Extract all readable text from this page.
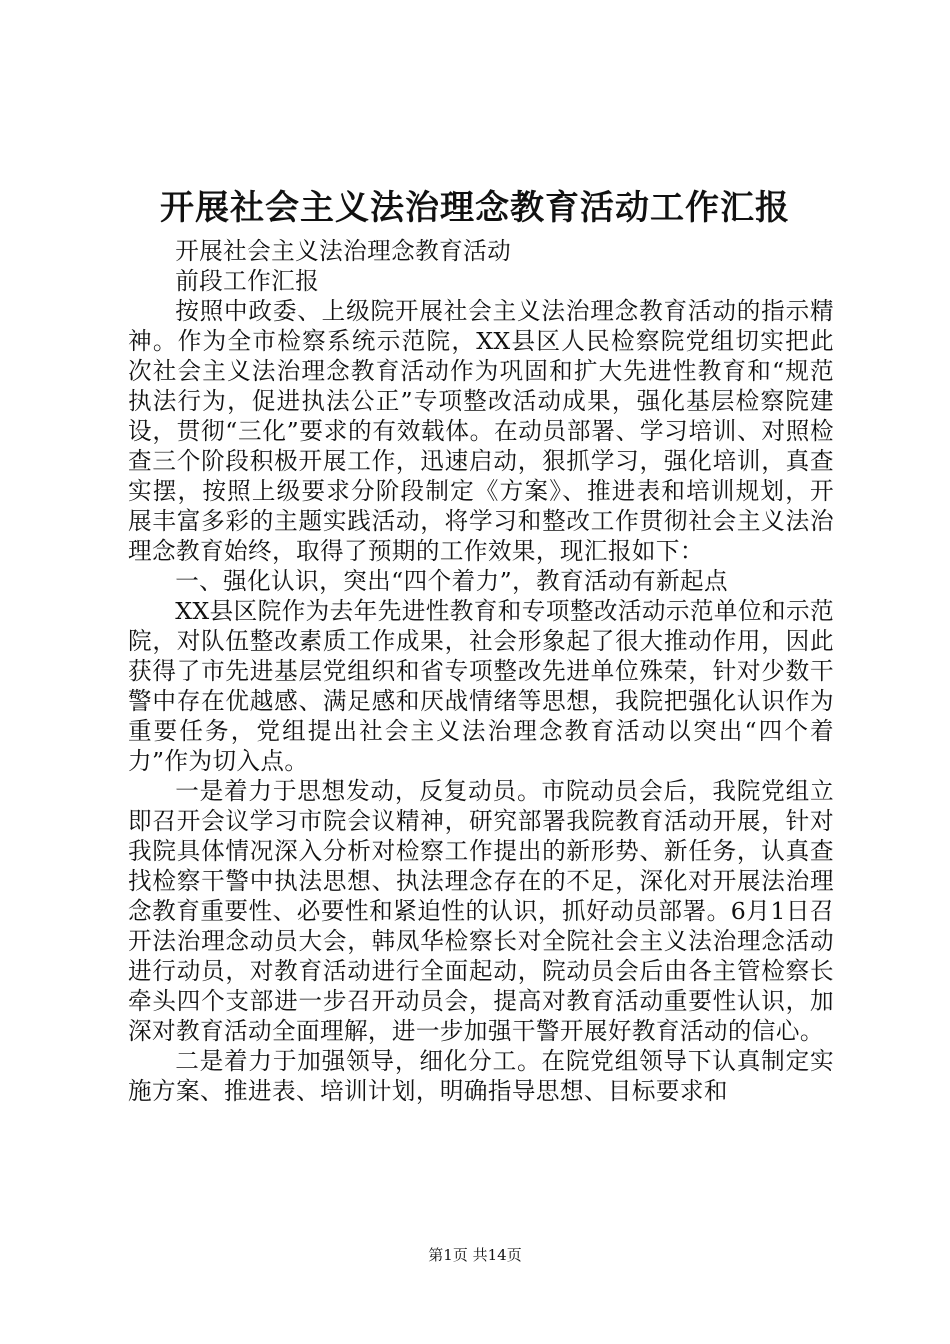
开展社会主义法治理念教育活动工作汇报

开展社会主义法治理念教育活动

前段工作汇报

按照中政委、上级院开展社会主义法治理念教育活动的指示精神。作为全市检察系统示范院，XX县区人民检察院党组切实把此次社会主义法治理念教育活动作为巩固和扩大先进性教育和“规范执法行为，促进执法公正”专项整改活动成果，强化基层检察院建设，贯彻“三化”要求的有效载体。在动员部署、学习培训、对照检查三个阶段积极开展工作，迅速启动，狠抓学习，强化培训，真查实摆，按照上级要求分阶段制定《方案》、推进表和培训规划，开展丰富多彩的主题实践活动，将学习和整改工作贯彻社会主义法治理念教育始终，取得了预期的工作效果，现汇报如下：

一、强化认识，突出“四个着力”，教育活动有新起点

XX县区院作为去年先进性教育和专项整改活动示范单位和示范院，对队伍整改素质工作成果，社会形象起了很大推动作用，因此获得了市先进基层党组织和省专项整改先进单位殊荣，针对少数干警中存在优越感、满足感和厌战情绪等思想，我院把强化认识作为重要任务，党组提出社会主义法治理念教育活动以突出“四个着力”作为切入点。

一是着力于思想发动，反复动员。市院动员会后，我院党组立即召开会议学习市院会议精神，研究部署我院教育活动开展，针对我院具体情况深入分析对检察工作提出的新形势、新任务，认真查找检察干警中执法思想、执法理念存在的不足，深化对开展法治理念教育重要性、必要性和紧迫性的认识，抓好动员部署。6月1日召开法治理念动员大会，韩凤华检察长对全院社会主义法治理念活动进行动员，对教育活动进行全面起动，院动员会后由各主管检察长牵头四个支部进一步召开动员会，提高对教育活动重要性认识，加深对教育活动全面理解，进一步加强干警开展好教育活动的信心。

二是着力于加强领导，细化分工。在院党组领导下认真制定实施方案、推进表、培训计划，明确指导思想、目标要求和

第1页 共14页
